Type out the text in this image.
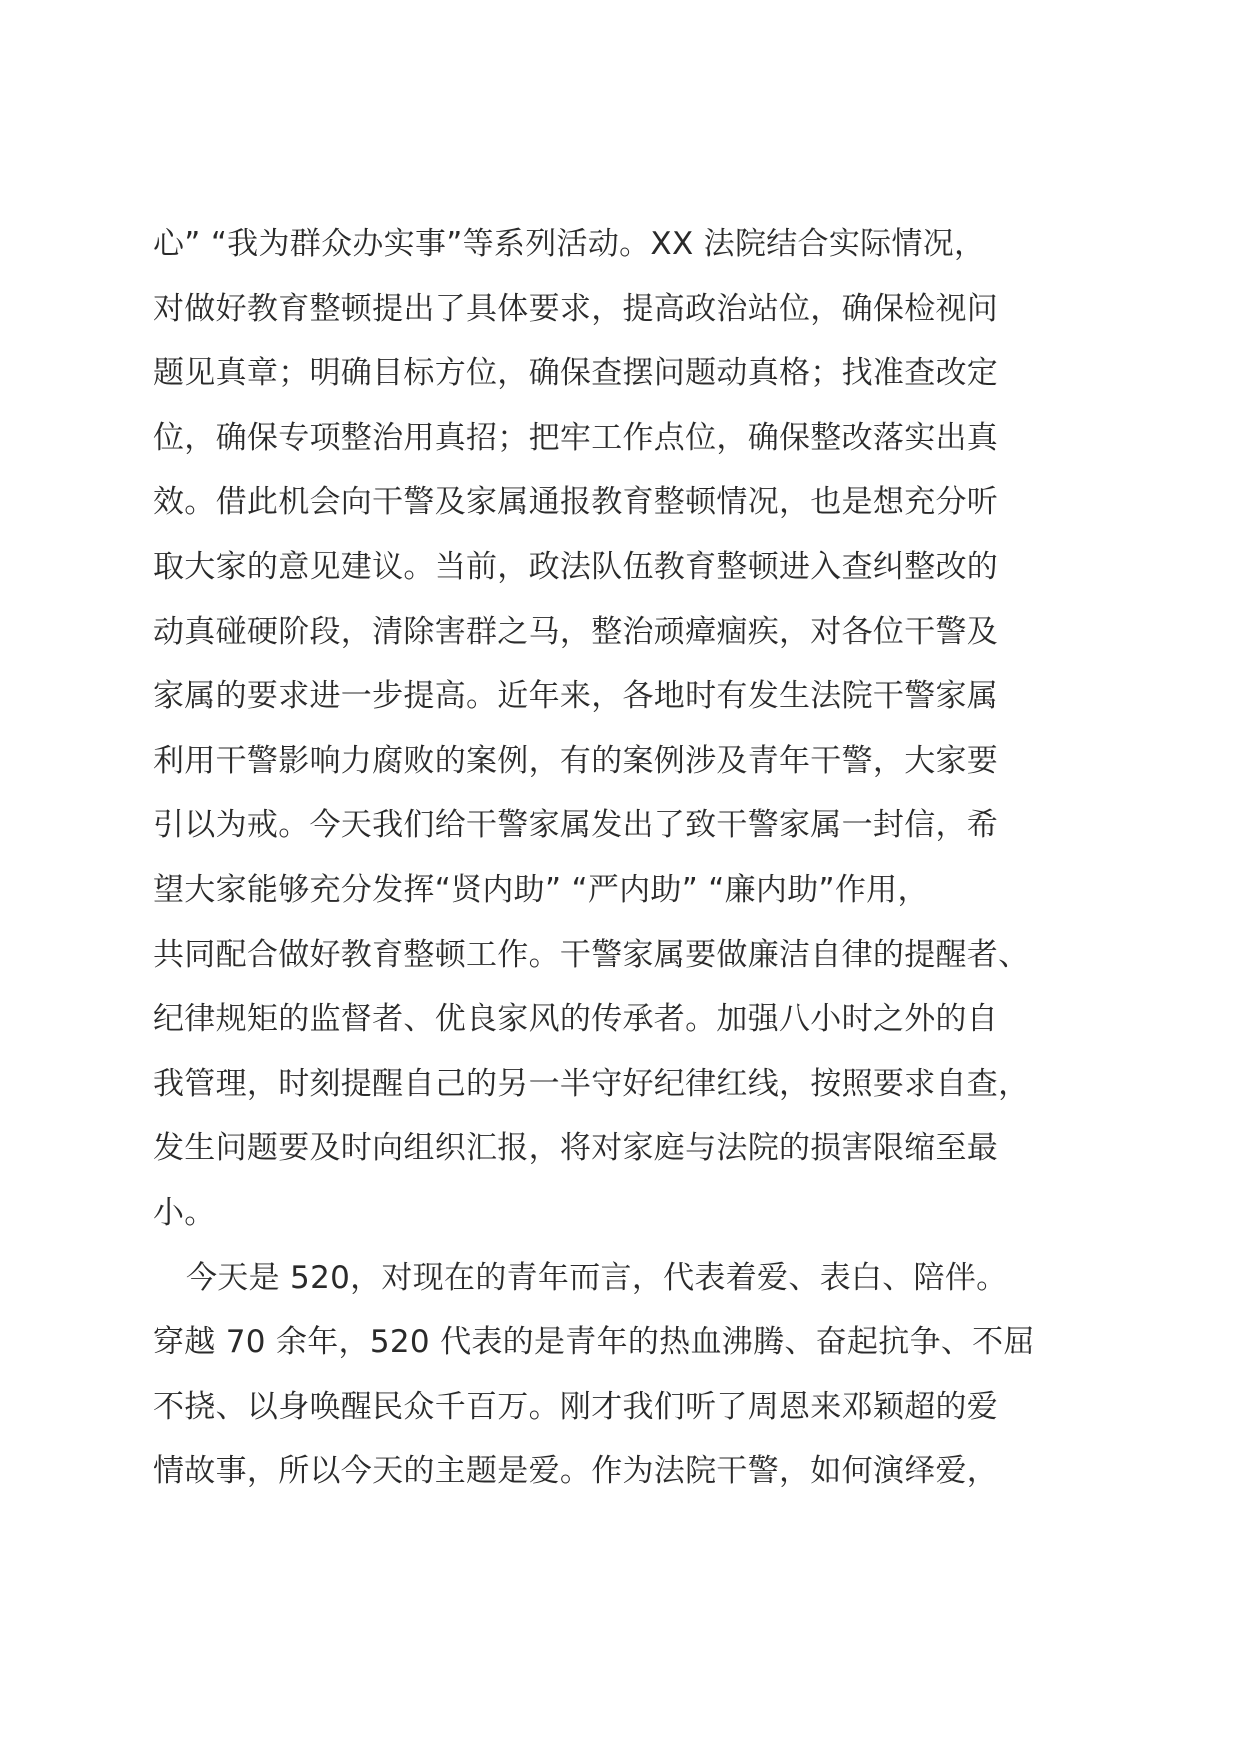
心” “我为群众办实事”等系列活动。XX 法院结合实际情况，
对做好教育整顿提出了具体要求，提高政治站位，确保检视问
题见真章；明确目标方位，确保查摆问题动真格；找准查改定
位，确保专项整治用真招；把牢工作点位，确保整改落实出真
效。借此机会向干警及家属通报教育整顿情况，也是想充分听
取大家的意见建议。当前，政法队伍教育整顿进入查纠整改的
动真碰硬阶段，清除害群之马，整治顽瘴痼疾，对各位干警及
家属的要求进一步提高。近年来，各地时有发生法院干警家属
利用干警影响力腐败的案例，有的案例涉及青年干警，大家要
引以为戒。今天我们给干警家属发出了致干警家属一封信，希
望大家能够充分发挥“贤内助” “严内助” “廉内助”作用，
共同配合做好教育整顿工作。干警家属要做廉洁自律的提醒者、
纪律规矩的监督者、优良家风的传承者。加强八小时之外的自
我管理，时刻提醒自己的另一半守好纪律红线，按照要求自查，
发生问题要及时向组织汇报，将对家庭与法院的损害限缩至最
小。
今天是 520，对现在的青年而言，代表着爱、表白、陪伴。
穿越 70 余年，520 代表的是青年的热血沸腾、奋起抗争、不屈
不挠、以身唤醒民众千百万。刚才我们听了周恩来邓颖超的爱
情故事，所以今天的主题是爱。作为法院干警，如何演绎爱，
